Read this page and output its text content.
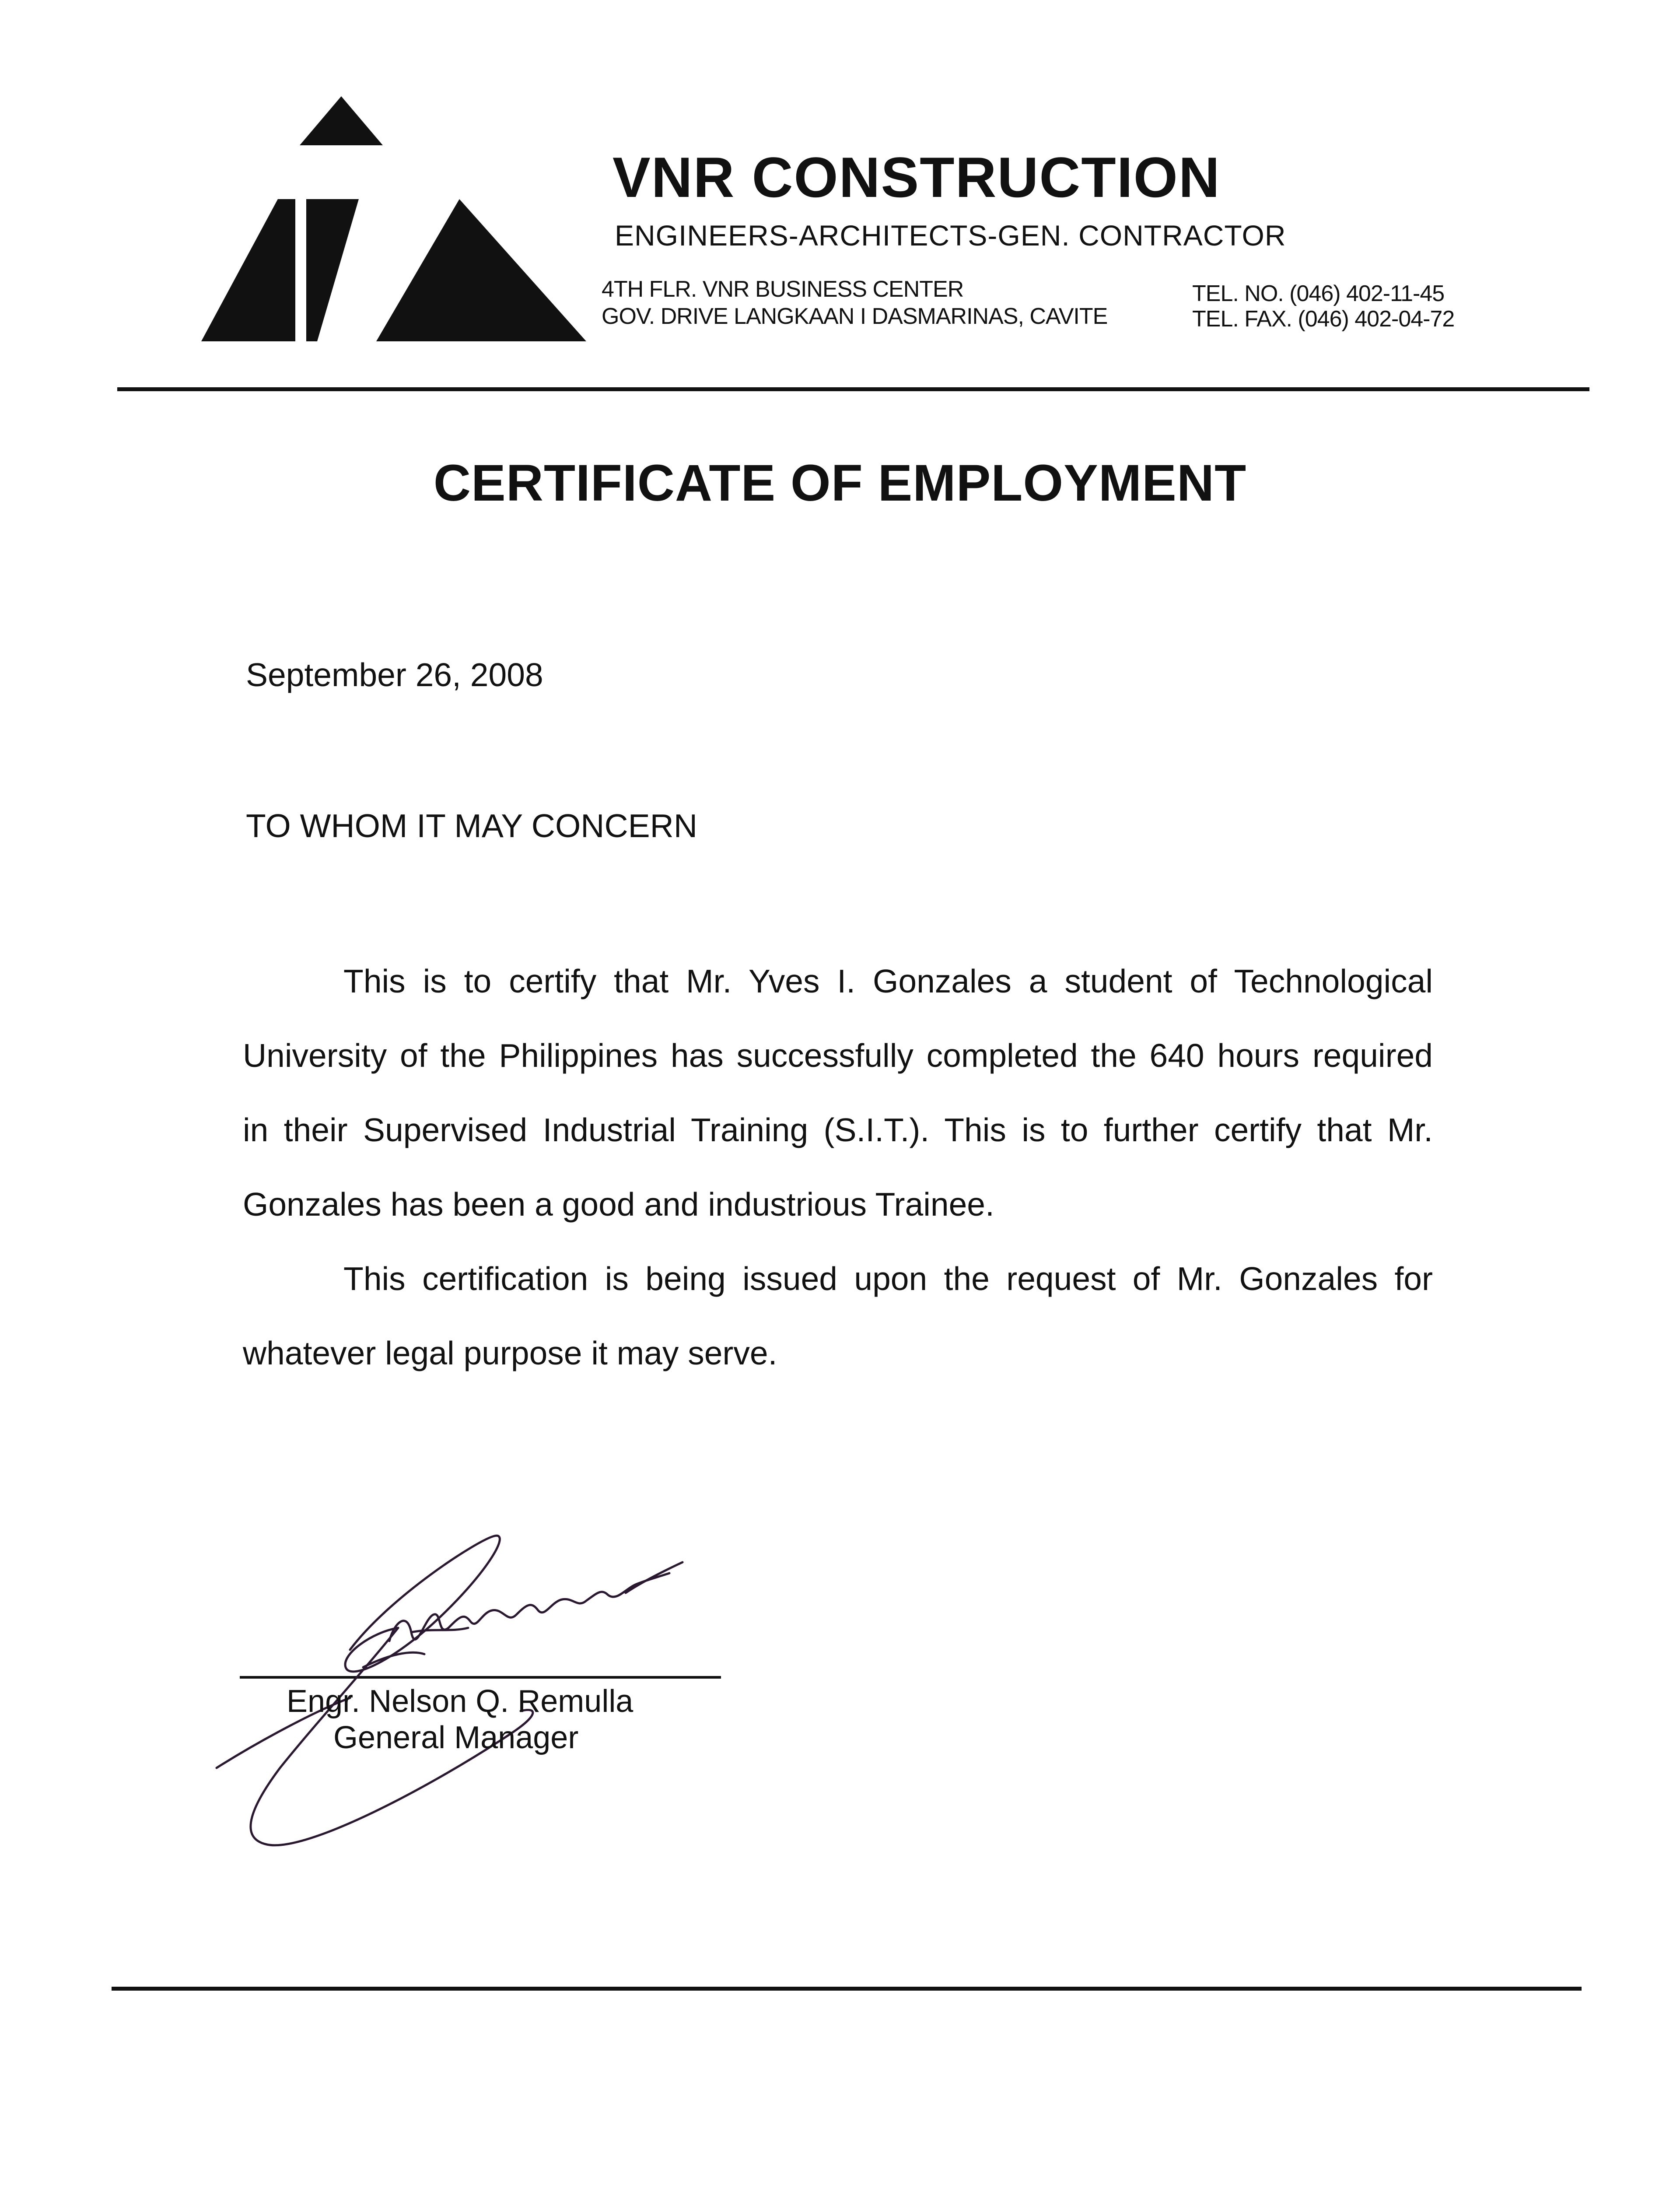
VNR CONSTRUCTION
ENGINEERS-ARCHITECTS-GEN. CONTRACTOR
4TH FLR. VNR BUSINESS CENTER
GOV. DRIVE LANGKAAN I DASMARINAS, CAVITE
TEL. NO. (046) 402-11-45
TEL. FAX. (046) 402-04-72
CERTIFICATE OF EMPLOYMENT
September 26, 2008
TO WHOM IT MAY CONCERN
This is to certify that Mr. Yves I. Gonzales a student of Technological
University of the Philippines has successfully completed the 640 hours required
in their Supervised Industrial Training (S.I.T.). This is to further certify that Mr.
Gonzales has been a good and industrious Trainee.
This certification is being issued upon the request of Mr. Gonzales for
whatever legal purpose it may serve.
Engr. Nelson Q. Remulla
General Manager
